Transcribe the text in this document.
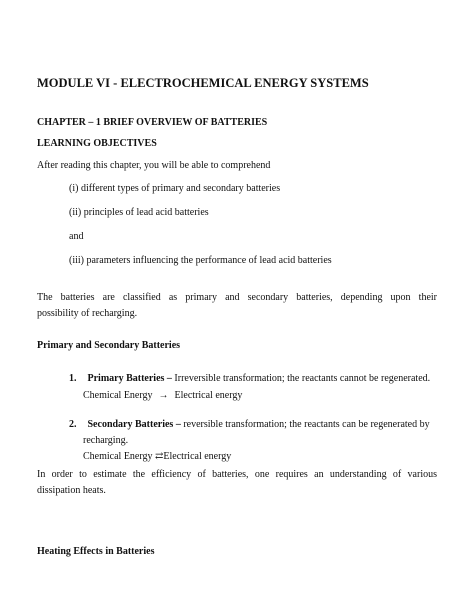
MODULE VI - ELECTROCHEMICAL ENERGY SYSTEMS
CHAPTER – 1 BRIEF OVERVIEW OF BATTERIES
LEARNING OBJECTIVES
After reading this chapter, you will be able to comprehend
(i) different types of primary and secondary batteries
(ii) principles of lead acid batteries
and
(iii) parameters influencing the performance of lead acid batteries
The batteries are classified as primary and secondary batteries, depending upon their
possibility of recharging.
Primary and Secondary Batteries
1. Primary Batteries – Irreversible transformation; the reactants cannot be regenerated.
Chemical Energy → Electrical energy
2. Secondary Batteries – reversible transformation; the reactants can be regenerated by
recharging.
Chemical Energy ⇄Electrical energy
In order to estimate the efficiency of batteries, one requires an understanding of various
dissipation heats.
Heating Effects in Batteries
